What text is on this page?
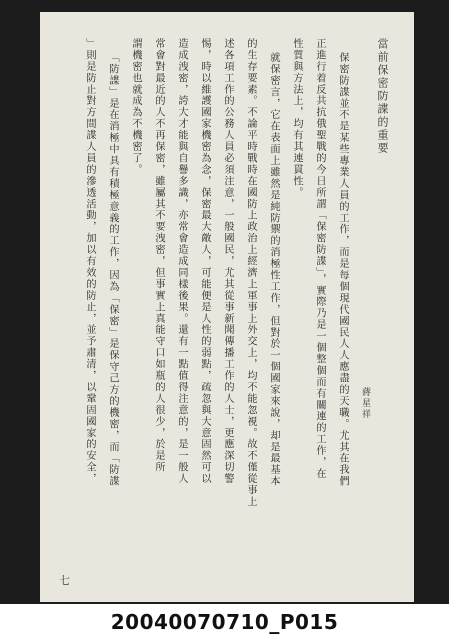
當前保密防諜的重要
蔣星祥
保密防諜並不是某些專業人員的工作，而是每個現代國民人人應盡的天職。尤其在我們
正進行着反共抗俄聖戰的今日所謂「保密防諜」，實際乃是一個整個而有關連的工作，在
性質與方法上，均有其連貫性。
就保密言，它在表面上雖然是純防禦的消極性工作，但對於一個國家來說，却是最基本
的生存要素。不論平時戰時在國防上政治上經濟上軍事上外交上，均不能忽視。故不僅從事上
述各項工作的公務人員必須注意，一般國民，尤其從事新聞傳播工作的人士，更應深切警
惕，時以維護國家機密為念，保密最大敵人，可能便是人性的弱點，疏忽與大意固然可以
造成洩密，誇大才能與自譽多識，亦常會造成同樣後果。還有一點值得注意的，是一般人
常會對最近的人不再保密，雖屬其不要洩密，但事實上真能守口如瓶的人很少，於是所
謂機密也就成為不機密了。
「防諜」是在消極中具有積極意義的工作，因為「保密」是保守己方的機密，而「防諜
」則是防止對方間諜人員的滲透活動，加以有效的防止，並予肅清，以鞏固國家的安全，
七
20040070710_P015
